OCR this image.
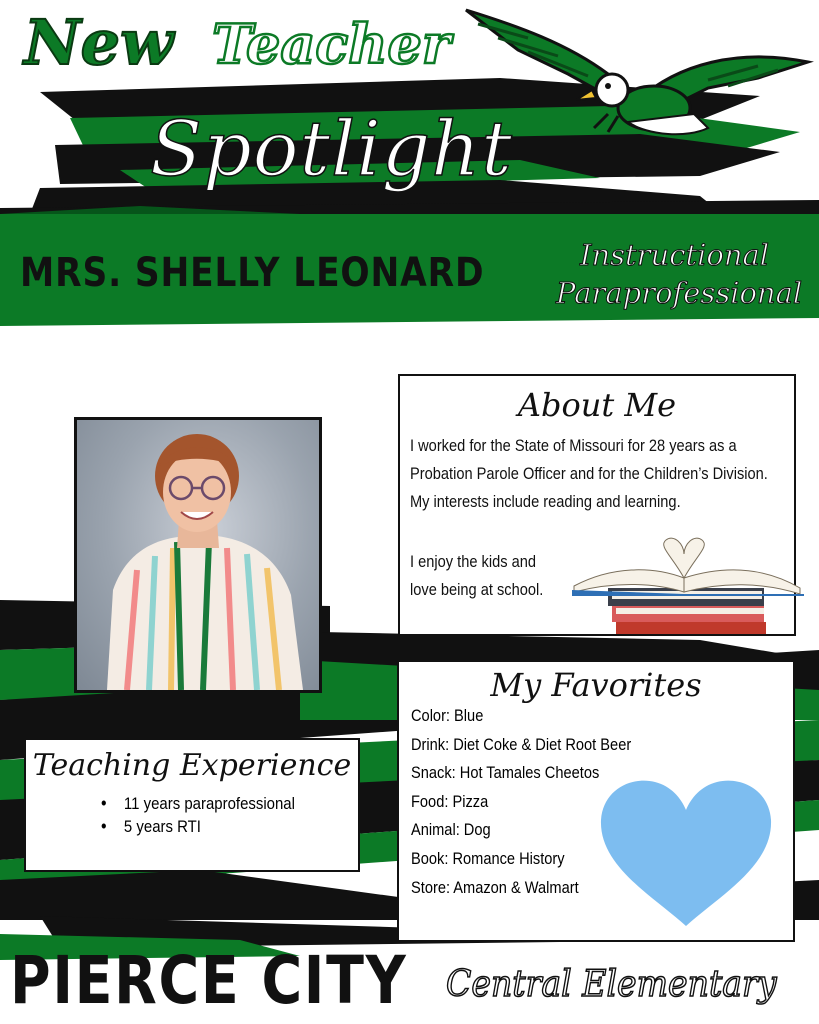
New Teacher
Spotlight
MRS. SHELLY LEONARD	Instructional
Paraprofessional
About Me
I worked for the State of Missouri for 28 years as a Probation Parole Officer and for the Children’s Division. My interests include reading and learning.
I enjoy the kids and
love being at school.
My Favorites
Color: Blue
Drink: Diet Coke & Diet Root Beer
Snack: Hot Tamales Cheetos
Food: Pizza
Animal: Dog
Book: Romance History
Store: Amazon & Walmart
Teaching Experience
• 11 years paraprofessional
• 5 years RTI
PIERCE CITY Central Elementary
